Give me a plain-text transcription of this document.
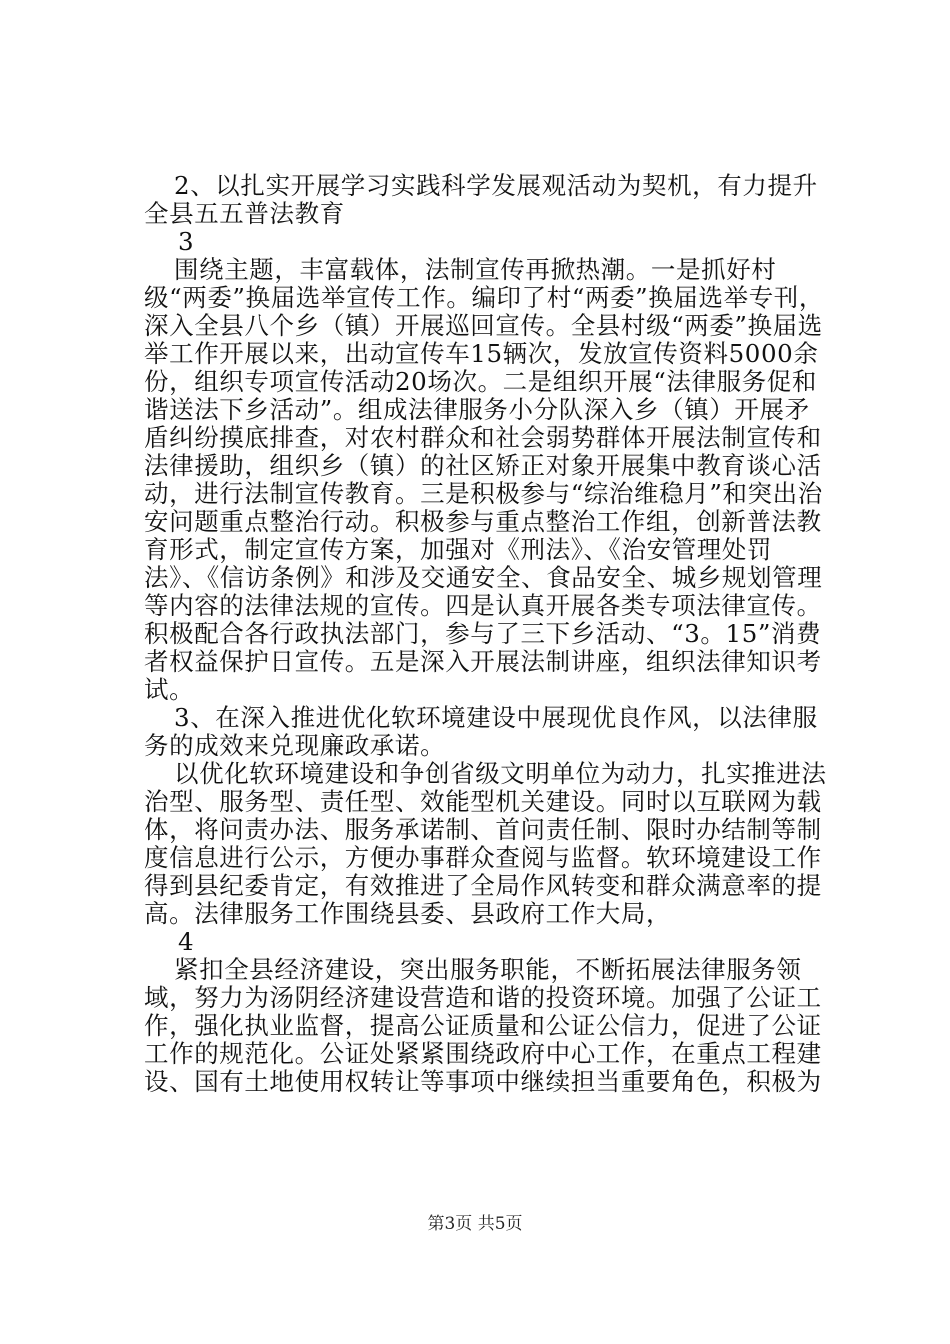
2、以扎实开展学习实践科学发展观活动为契机，有力提升全县五五普法教育

3

围绕主题，丰富载体，法制宣传再掀热潮。一是抓好村级“两委”换届选举宣传工作。编印了村“两委”换届选举专刊，深入全县八个乡（镇）开展巡回宣传。全县村级“两委”换届选举工作开展以来，出动宣传车15辆次，发放宣传资料5000余份，组织专项宣传活动20场次。二是组织开展“法律服务促和谐送法下乡活动”。组成法律服务小分队深入乡（镇）开展矛盾纠纷摸底排查，对农村群众和社会弱势群体开展法制宣传和法律援助，组织乡（镇）的社区矫正对象开展集中教育谈心活动，进行法制宣传教育。三是积极参与“综治维稳月”和突出治安问题重点整治行动。积极参与重点整治工作组，创新普法教育形式，制定宣传方案，加强对《刑法》、《治安管理处罚法》、《信访条例》和涉及交通安全、食品安全、城乡规划管理等内容的法律法规的宣传。四是认真开展各类专项法律宣传。积极配合各行政执法部门，参与了三下乡活动、“3。15”消费者权益保护日宣传。五是深入开展法制讲座，组织法律知识考试。

3、在深入推进优化软环境建设中展现优良作风，以法律服务的成效来兑现廉政承诺。

以优化软环境建设和争创省级文明单位为动力，扎实推进法治型、服务型、责任型、效能型机关建设。同时以互联网为载体，将问责办法、服务承诺制、首问责任制、限时办结制等制度信息进行公示，方便办事群众查阅与监督。软环境建设工作得到县纪委肯定，有效推进了全局作风转变和群众满意率的提高。法律服务工作围绕县委、县政府工作大局，

4

紧扣全县经济建设，突出服务职能，不断拓展法律服务领域，努力为汤阴经济建设营造和谐的投资环境。加强了公证工作，强化执业监督，提高公证质量和公证公信力，促进了公证工作的规范化。公证处紧紧围绕政府中心工作，在重点工程建设、国有土地使用权转让等事项中继续担当重要角色，积极为

第3页 共5页
